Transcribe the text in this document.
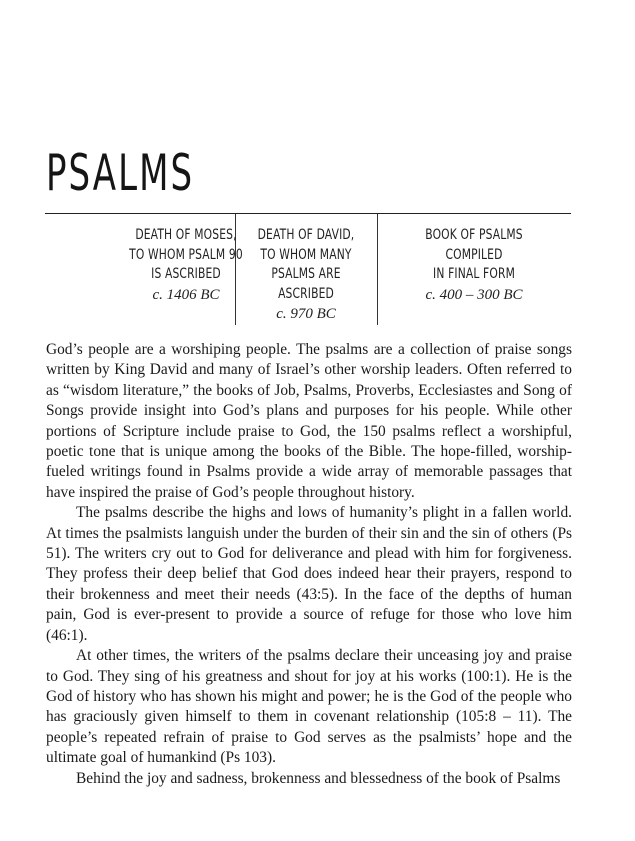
PSALMS
DEATH OF MOSES,
TO WHOM PSALM 90
IS ASCRIBED
c. 1406 BC
DEATH OF DAVID,
TO WHOM MANY
PSALMS ARE
ASCRIBED
c. 970 BC
BOOK OF PSALMS
COMPILED
IN FINAL FORM
c. 400 – 300 BC

God’s people are a worshiping people. The psalms are a collection of praise songs written by King David and many of Israel’s other worship leaders. Often referred to as “wisdom literature,” the books of Job, Psalms, Proverbs, Ecclesiastes and Song of Songs provide insight into God’s plans and purposes for his people. While other portions of Scripture include praise to God, the 150 psalms reflect a worshipful, poetic tone that is unique among the books of the Bible. The hope-filled, worship-fueled writings found in Psalms provide a wide array of memorable passages that have inspired the praise of God’s people throughout history.

The psalms describe the highs and lows of humanity’s plight in a fallen world. At times the psalmists languish under the burden of their sin and the sin of others (Ps 51). The writers cry out to God for deliverance and plead with him for forgiveness. They profess their deep belief that God does indeed hear their prayers, respond to their brokenness and meet their needs (43:5). In the face of the depths of human pain, God is ever-present to provide a source of refuge for those who love him (46:1).

At other times, the writers of the psalms declare their unceasing joy and praise to God. They sing of his greatness and shout for joy at his works (100:1). He is the God of history who has shown his might and power; he is the God of the people who has graciously given himself to them in covenant relationship (105:8 – 11). The people’s repeated refrain of praise to God serves as the psalmists’ hope and the ultimate goal of humankind (Ps 103).

Behind the joy and sadness, brokenness and blessedness of the book of Psalms
